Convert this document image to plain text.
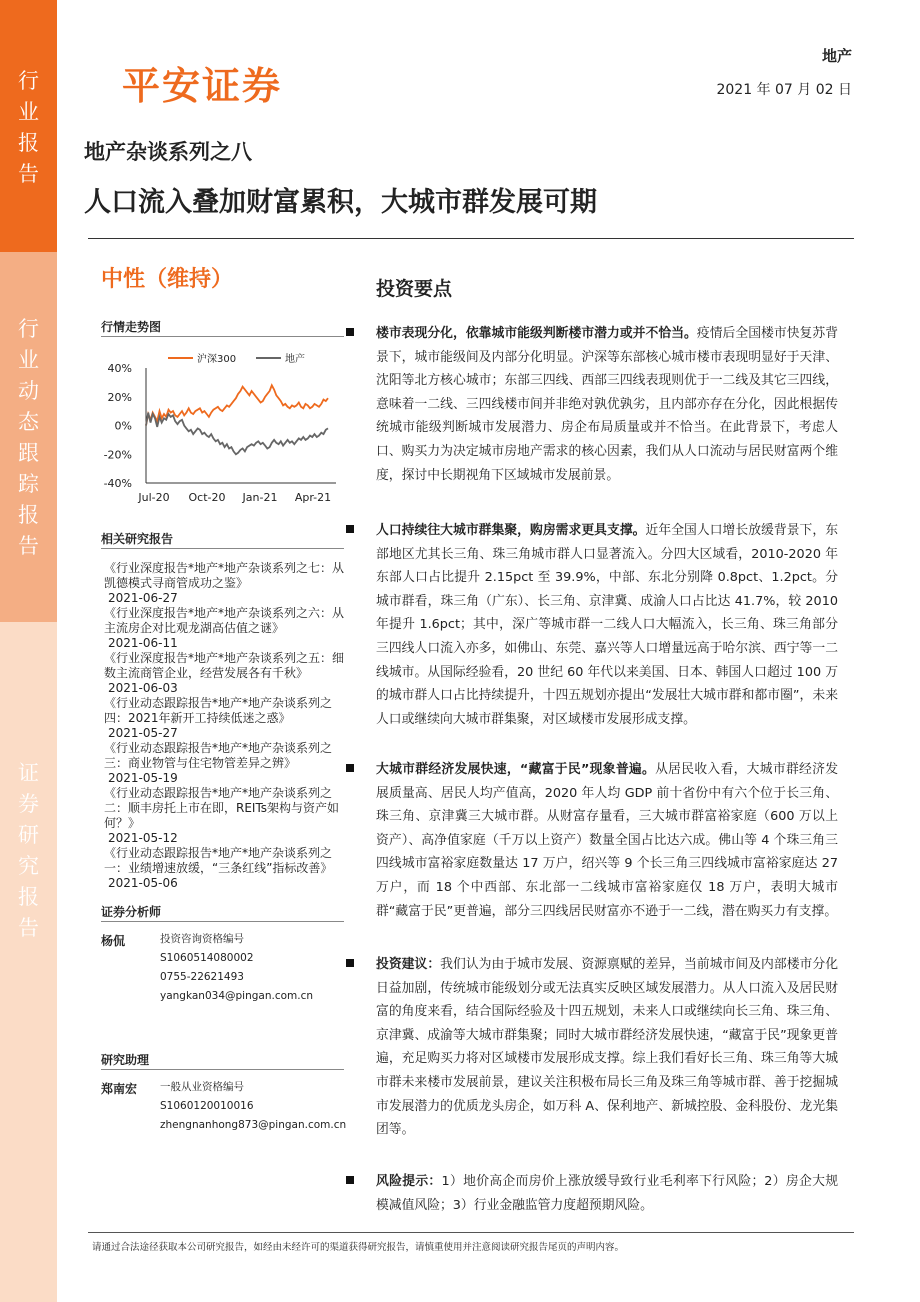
行
业
报
告
行
业
动
态
跟
踪
报
告
证
券
研
究
报
告
平安证券
地产
2021 年 07 月 02 日
地产杂谈系列之八
人口流入叠加财富累积，大城市群发展可期
中性（维持）
行情走势图
40%
20%
0%
-20%
-40%
Jul-20 Oct-20 Jan-21 Apr-21
沪深300	地产
相关研究报告
《行业深度报告*地产*地产杂谈系列之七：从凯德模式寻商管成功之鉴》
2021-06-27
《行业深度报告*地产*地产杂谈系列之六：从主流房企对比观龙湖高估值之谜》
2021-06-11
《行业深度报告*地产*地产杂谈系列之五：细数主流商管企业，经营发展各有千秋》
2021-06-03
《行业动态跟踪报告*地产*地产杂谈系列之四：2021年新开工持续低迷之惑》
2021-05-27
《行业动态跟踪报告*地产*地产杂谈系列之三：商业物管与住宅物管差异之辨》
2021-05-19
《行业动态跟踪报告*地产*地产杂谈系列之二：顺丰房托上市在即，REITs架构与资产如何？》
2021-05-12
《行业动态跟踪报告*地产*地产杂谈系列之一：业绩增速放缓，“三条红线”指标改善》
2021-05-06
证券分析师
杨侃	投资咨询资格编号
S1060514080002
0755-22621493
yangkan034@pingan.com.cn
研究助理
郑南宏 一般从业资格编号
S1060120010016
zhengnanhong873@pingan.com.cn
投资要点
楼市表现分化，依靠城市能级判断楼市潜力或并不恰当。疫情后全国楼市快复苏背景下，城市能级间及内部分化明显。沪深等东部核心城市楼市表现明显好于天津、沈阳等北方核心城市；东部三四线、西部三四线表现则优于一二线及其它三四线，意味着一二线、三四线楼市间并非绝对孰优孰劣，且内部亦存在分化，因此根据传统城市能级判断城市发展潜力、房企布局质量或并不恰当。在此背景下，考虑人口、购买力为决定城市房地产需求的核心因素，我们从人口流动与居民财富两个维度，探讨中长期视角下区域城市发展前景。
人口持续往大城市群集聚，购房需求更具支撑。近年全国人口增长放缓背景下，东部地区尤其长三角、珠三角城市群人口显著流入。分四大区域看，2010-2020 年东部人口占比提升 2.15pct 至 39.9%，中部、东北分别降 0.8pct、1.2pct。分城市群看，珠三角（广东）、长三角、京津冀、成渝人口占比达 41.7%，较 2010 年提升 1.6pct；其中，深广等城市群一二线人口大幅流入，长三角、珠三角部分三四线人口流入亦多，如佛山、东莞、嘉兴等人口增量远高于哈尔滨、西宁等一二线城市。从国际经验看，20 世纪 60 年代以来美国、日本、韩国人口超过 100 万的城市群人口占比持续提升，十四五规划亦提出“发展壮大城市群和都市圈”，未来人口或继续向大城市群集聚，对区域楼市发展形成支撑。
大城市群经济发展快速，“藏富于民”现象普遍。从居民收入看，大城市群经济发展质量高、居民人均产值高，2020 年人均 GDP 前十省份中有六个位于长三角、珠三角、京津冀三大城市群。从财富存量看，三大城市群富裕家庭（600 万以上资产）、高净值家庭（千万以上资产）数量全国占比达六成。佛山等 4 个珠三角三四线城市富裕家庭数量达 17 万户，绍兴等 9 个长三角三四线城市富裕家庭达 27 万户，而 18 个中西部、东北部一二线城市富裕家庭仅 18 万户，表明大城市群“藏富于民”更普遍，部分三四线居民财富亦不逊于一二线，潜在购买力有支撑。
投资建议：我们认为由于城市发展、资源禀赋的差异，当前城市间及内部楼市分化日益加剧，传统城市能级划分或无法真实反映区域发展潜力。从人口流入及居民财富的角度来看，结合国际经验及十四五规划，未来人口或继续向长三角、珠三角、京津冀、成渝等大城市群集聚；同时大城市群经济发展快速，“藏富于民”现象更普遍，充足购买力将对区域楼市发展形成支撑。综上我们看好长三角、珠三角等大城市群未来楼市发展前景，建议关注积极布局长三角及珠三角等城市群、善于挖掘城市发展潜力的优质龙头房企，如万科 A、保利地产、新城控股、金科股份、龙光集团等。
风险提示：1）地价高企而房价上涨放缓导致行业毛利率下行风险；2）房企大规模减值风险；3）行业金融监管力度超预期风险。
请通过合法途径获取本公司研究报告，如经由未经许可的渠道获得研究报告，请慎重使用并注意阅读研究报告尾页的声明内容。
